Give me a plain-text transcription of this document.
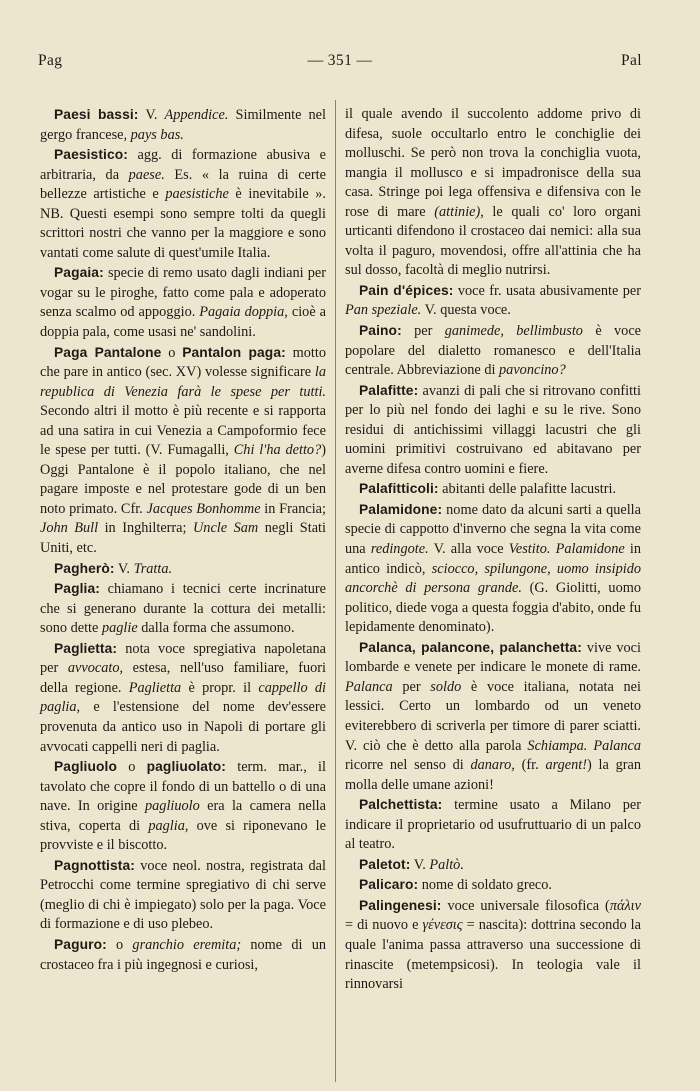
Pag	— 351 —	Pal

Paesi bassi: V. Appendice. Similmente nel gergo francese, pays bas.

Paesistico: agg. di formazione abusiva e arbitraria, da paese. Es. « la ruina di certe bellezze artistiche e paesistiche è inevitabile ». NB. Questi esempi sono sempre tolti da quegli scrittori nostri che vanno per la maggiore e sono vantati come salute di quest'umile Italia.

Pagaia: specie di remo usato dagli indiani per vogar su le piroghe, fatto come pala e adoperato senza scalmo od appoggio. Pagaia doppia, cioè a doppia pala, come usasi ne' sandolini.

Paga Pantalone o Pantalon paga: motto che pare in antico (sec. XV) volesse significare la republica di Venezia farà le spese per tutti. Secondo altri il motto è più recente e si rapporta ad una satira in cui Venezia a Campoformio fece le spese per tutti. (V. Fumagalli, Chi l'ha detto?) Oggi Pantalone è il popolo italiano, che nel pagare imposte e nel protestare gode di un ben noto primato. Cfr. Jacques Bonhomme in Francia; John Bull in Inghilterra; Uncle Sam negli Stati Uniti, etc.

Pagherò: V. Tratta.

Paglia: chiamano i tecnici certe incrinature che si generano durante la cottura dei metalli: sono dette paglie dalla forma che assumono.

Paglietta: nota voce spregiativa napoletana per avvocato, estesa, nell'uso familiare, fuori della regione. Paglietta è propr. il cappello di paglia, e l'estensione del nome dev'essere provenuta da antico uso in Napoli di portare gli avvocati cappelli neri di paglia.

Pagliuolo o pagliuolato: term. mar., il tavolato che copre il fondo di un battello o di una nave. In origine pagliuolo era la camera nella stiva, coperta di paglia, ove si riponevano le provviste e il biscotto.

Pagnottista: voce neol. nostra, registrata dal Petrocchi come termine spregiativo di chi serve (meglio di chi è impiegato) solo per la paga. Voce di formazione e di uso plebeo.

Paguro: o granchio eremita; nome di un crostaceo fra i più ingegnosi e curiosi,

il quale avendo il succolento addome privo di difesa, suole occultarlo entro le conchiglie dei molluschi. Se però non trova la conchiglia vuota, mangia il mollusco e si impadronisce della sua casa. Stringe poi lega offensiva e difensiva con le rose di mare (attinie), le quali co' loro organi urticanti difendono il crostaceo dai nemici: alla sua volta il paguro, movendosi, offre all'attinia che ha sul dosso, facoltà di meglio nutrirsi.

Pain d'épices: voce fr. usata abusivamente per Pan speziale. V. questa voce.

Paino: per ganimede, bellimbusto è voce popolare del dialetto romanesco e dell'Italia centrale. Abbreviazione di pavoncino?

Palafitte: avanzi di pali che si ritrovano confitti per lo più nel fondo dei laghi e su le rive. Sono residui di antichissimi villaggi lacustri che gli uomini primitivi costruivano ed abitavano per averne difesa contro uomini e fiere.

Palafitticoli: abitanti delle palafitte lacustri.

Palamidone: nome dato da alcuni sarti a quella specie di cappotto d'inverno che segna la vita come una redingote. V. alla voce Vestito. Palamidone in antico indicò, sciocco, spilungone, uomo insipido ancorchè di persona grande. (G. Giolitti, uomo politico, diede voga a questa foggia d'abito, onde fu lepidamente denominato).

Palanca, palancone, palanchetta: vive voci lombarde e venete per indicare le monete di rame. Palanca per soldo è voce italiana, notata nei lessici. Certo un lombardo od un veneto eviterebbero di scriverla per timore di parer sciatti. V. ciò che è detto alla parola Schiampa. Palanca ricorre nel senso di danaro, (fr. argent!) la gran molla delle umane azioni!

Palchettista: termine usato a Milano per indicare il proprietario od usufruttuario di un palco al teatro.

Paletot: V. Paltò.

Palicaro: nome di soldato greco.

Palingenesi: voce universale filosofica (πάλιν = di nuovo e γένεσις = nascita): dottrina secondo la quale l'anima passa attraverso una successione di rinascite (metempsicosi). In teologia vale il rinnovarsi
